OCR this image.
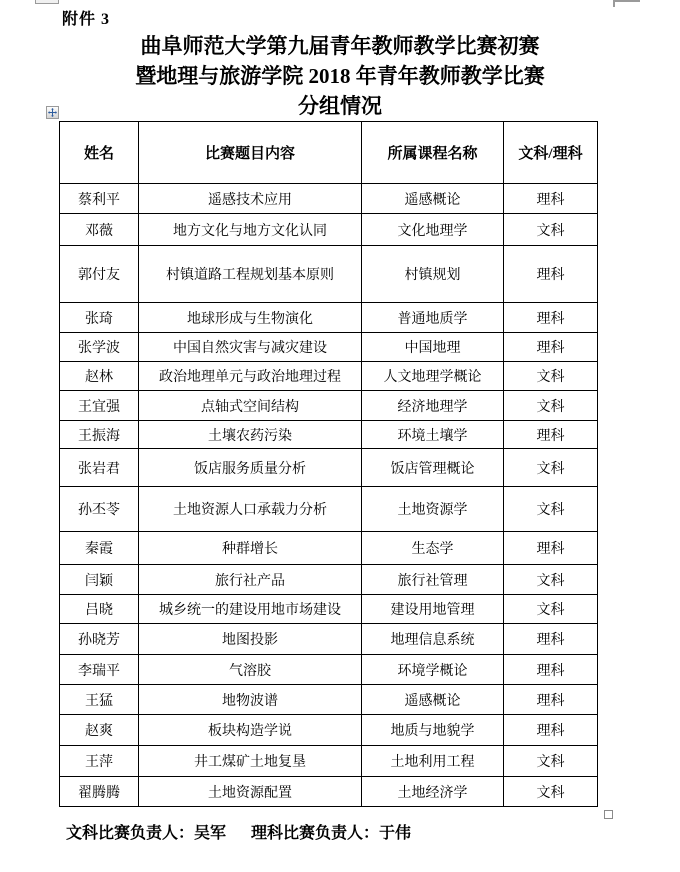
附件 3
曲阜师范大学第九届青年教师教学比赛初赛
暨地理与旅游学院 2018 年青年教师教学比赛
分组情况
姓名	比赛题目内容	所属课程名称	文科/理科
蔡利平	遥感技术应用	遥感概论	理科
邓薇	地方文化与地方文化认同	文化地理学	文科
郭付友	村镇道路工程规划基本原则	村镇规划	理科
张琦	地球形成与生物演化	普通地质学	理科
张学波	中国自然灾害与减灾建设	中国地理	理科
赵林	政治地理单元与政治地理过程	人文地理学概论	文科
王宜强	点轴式空间结构	经济地理学	文科
王振海	土壤农药污染	环境土壤学	理科
张岩君	饭店服务质量分析	饭店管理概论	文科
孙丕苓	土地资源人口承载力分析	土地资源学	文科
秦霞	种群增长	生态学	理科
闫颖	旅行社产品	旅行社管理	文科
吕晓	城乡统一的建设用地市场建设	建设用地管理	文科
孙晓芳	地图投影	地理信息系统	理科
李瑞平	气溶胶	环境学概论	理科
王猛	地物波谱	遥感概论	理科
赵爽	板块构造学说	地质与地貌学	理科
王萍	井工煤矿土地复垦	土地利用工程	文科
翟腾腾	土地资源配置	土地经济学	文科
文科比赛负责人：吴军 理科比赛负责人：于伟
